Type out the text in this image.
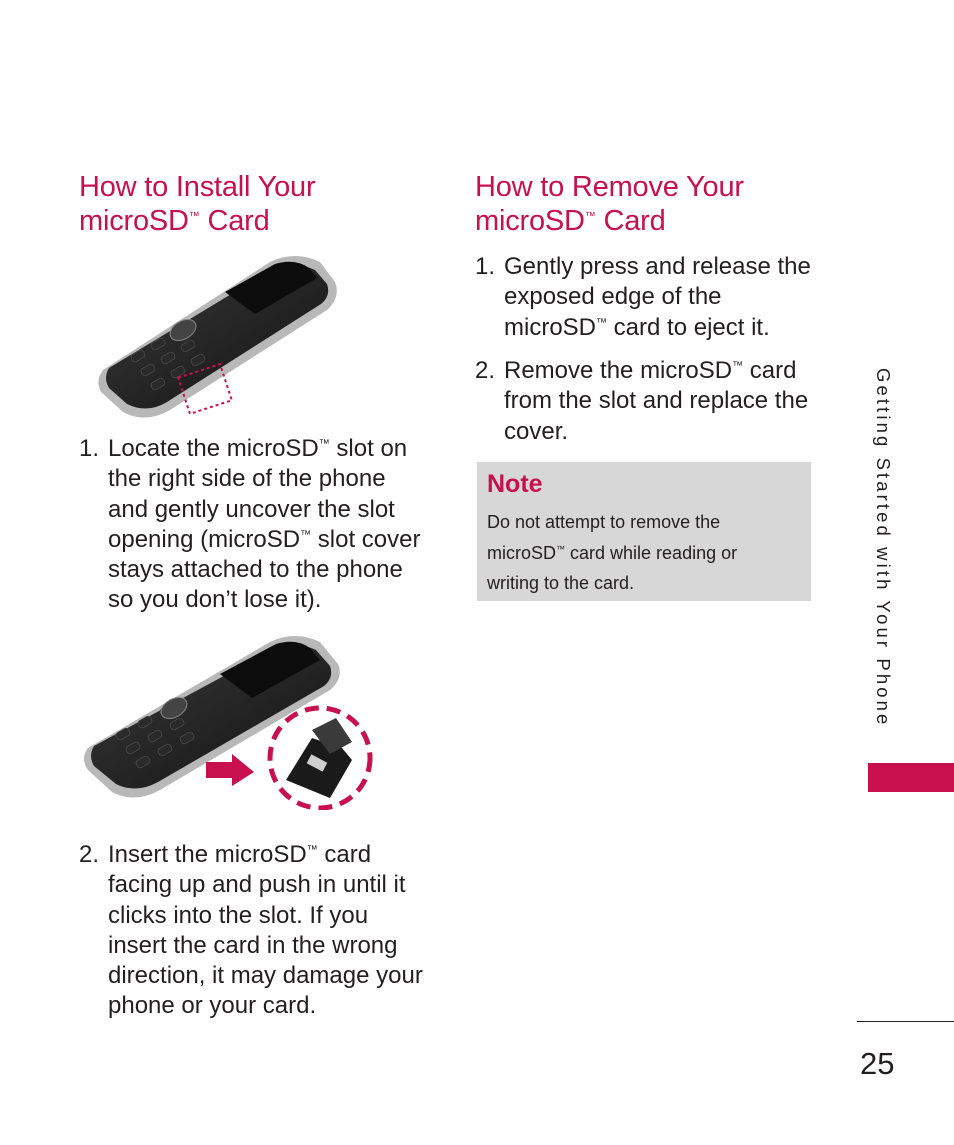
How to Install Your
microSD™ Card
1. Locate the microSD™ slot on the right side of the phone and gently uncover the slot opening (microSD™ slot cover stays attached to the phone so you don’t lose it).
2. Insert the microSD™ card facing up and push in until it clicks into the slot. If you insert the card in the wrong direction, it may damage your phone or your card.
How to Remove Your
microSD™ Card
1. Gently press and release the exposed edge of the microSD™ card to eject it.
2. Remove the microSD™ card from the slot and replace the cover.
Note
Do not attempt to remove the microSD™ card while reading or writing to the card.	Getting Started with Your Phone
25
